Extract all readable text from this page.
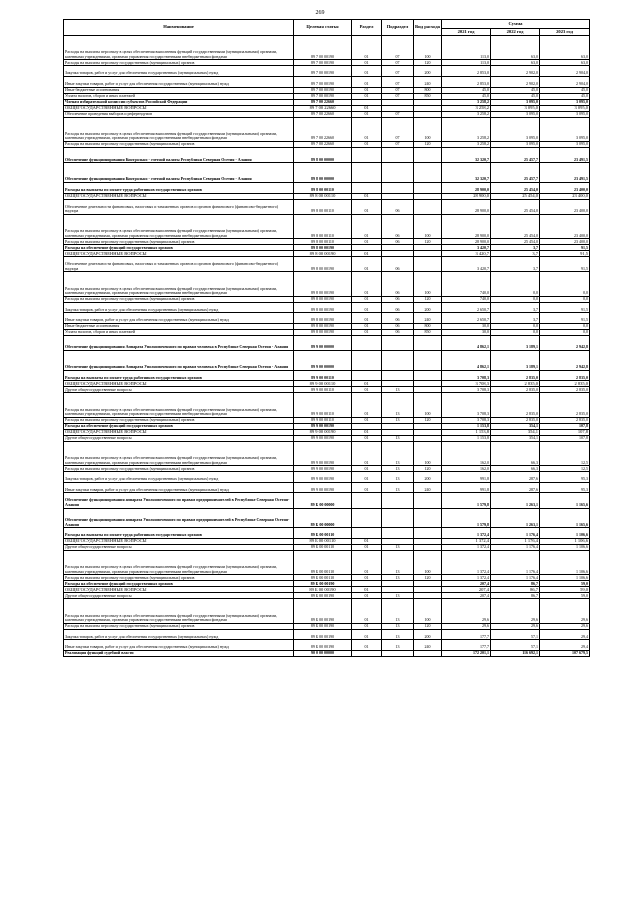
269
Наименование	Целевая статья	Раздел	Подраздел	Вид расхода	Сумма		
					2021 год	2022 год	2023 год
Расходы на выплаты персоналу в целях обеспечения выполнения функций государственными (муниципальными) органами, казенными учреждениями, органами управления государственными внебюджетными фондами	89 7 00 00190	01	07	100	113,0	63,0	63,0
Расходы на выплаты персоналу государственных (муниципальных) органов	89 7 00 00190	01	07	120	113,0	63,0	63,0
Закупка товаров, работ и услуг для обеспечения государственных (муниципальных) нужд	89 7 00 00190	01	07	200	2 853,0	2 902,0	2 904,0
Иные закупки товаров, работ и услуг для обеспечения государственных (муниципальных) нужд	89 7 00 00190	01	07	240	2 853,0	2 902,0	2 904,0
Иные бюджетные ассигнования	89 7 00 00190	01	07	800	45,0	45,0	45,0
Уплата налогов, сборов и иных платежей	89 7 00 00190	01	07	850	45,0	45,0	45,0
Членам избирательной комиссии субъектов Российской Федерации	89 7 00 22660				3 258,2	3 095,0	3 095,0
ОБЩЕГОСУДАРСТВЕННЫЕ ВОПРОСЫ	89 7 00 22660	01			3 258,2	3 095,0	3 095,0
Обеспечение проведения выборов и референдумов	89 7 00 22660	01	07		3 258,2	3 095,0	3 095,0
Расходы на выплаты персоналу в целях обеспечения выполнения функций государственными (муниципальными) органами, казенными учреждениями, органами управления государственными внебюджетными фондами	89 7 00 22660	01	07	100	3 258,2	3 095,0	3 095,0
Расходы на выплаты персоналу государственных (муниципальных) органов	89 7 00 22660	01	07	120	3 258,2	3 095,0	3 095,0
Обеспечение функционирования Контрольно - счетной палаты Республики Северная Осетия - Алания	89 8 00 00000				32 320,7	25 457,7	23 491,5
Обеспечение функционирования Контрольно - счетной палаты Республики Северная Осетия - Алания	89 8 00 00000				32 320,7	25 457,7	23 491,5
Расходы на выплаты по оплате труда работников государственных органов	89 8 00 00110				28 900,0	25 454,0	23 400,0
ОБЩЕГОСУДАРСТВЕННЫЕ ВОПРОСЫ	89 8 00 00110	01			28 900,0	25 454,0	23 400,0
Обеспечение деятельности финансовых, налоговых и таможенных органов и органов финансового (финансово-бюджетного) надзора	89 8 00 00110	01	06		28 900,0	25 454,0	23 400,0
Расходы на выплаты персоналу в целях обеспечения выполнения функций государственными (муниципальными) органами, казенными учреждениями, органами управления государственными внебюджетными фондами	89 8 00 00110	01	06	100	28 900,0	25 454,0	23 400,0
Расходы на выплаты персоналу государственных (муниципальных) органов	89 8 00 00110	01	06	120	28 900,0	25 454,0	23 400,0
Расходы на обеспечение функций государственных органов	89 8 00 00190				3 420,7	3,7	91,5
ОБЩЕГОСУДАРСТВЕННЫЕ ВОПРОСЫ	89 8 00 00190	01			3 420,7	3,7	91,5
Обеспечение деятельности финансовых, налоговых и таможенных органов и органов финансового (финансово-бюджетного) надзора	89 8 00 00190	01	06		3 420,7	3,7	91,5
Расходы на выплаты персоналу в целях обеспечения выполнения функций государственными (муниципальными) органами, казенными учреждениями, органами управления государственными внебюджетными фондами	89 8 00 00190	01	06	100	740,0	0,0	0,0
Расходы на выплаты персоналу государственных (муниципальных) органов	89 8 00 00190	01	06	120	740,0	0,0	0,0
Закупка товаров, работ и услуг для обеспечения государственных (муниципальных) нужд	89 8 00 00190	01	06	200	2 650,7	3,7	91,5
Иные закупки товаров, работ и услуг для обеспечения государственных (муниципальных) нужд	89 8 00 00190	01	06	240	2 650,7	3,7	91,5
Иные бюджетные ассигнования	89 8 00 00190	01	06	800	30,0	0,0	0,0
Уплата налогов, сборов и иных платежей	89 8 00 00190	01	06	850	30,0	0,0	0,0
Обеспечение функционирования Аппарата Уполномоченного по правам человека в Республике Северная Осетия - Алания	89 9 00 00000				4 862,1	3 189,1	2 942,8
Обеспечение функционирования Аппарата Уполномоченного по правам человека в Республике Северная Осетия - Алания	89 9 00 00000				4 862,1	3 189,1	2 942,8
Расходы на выплаты по оплате труда работников государственных органов	89 9 00 00110				3 708,3	2 835,0	2 835,0
ОБЩЕГОСУДАРСТВЕННЫЕ ВОПРОСЫ	89 9 00 00110	01			3 708,3	2 835,0	2 835,0
Другие общегосударственные вопросы	89 9 00 00110	01	13		3 708,3	2 835,0	2 835,0
Расходы на выплаты персоналу в целях обеспечения выполнения функций государственными (муниципальными) органами, казенными учреждениями, органами управления государственными внебюджетными фондами	89 9 00 00110	01	13	100	3 708,3	2 835,0	2 835,0
Расходы на выплаты персоналу государственных (муниципальных) органов	89 9 00 00110	01	13	120	3 708,3	2 835,0	2 835,0
Расходы на обеспечение функций государственных органов	89 9 00 00190				1 153,8	354,1	107,8
ОБЩЕГОСУДАРСТВЕННЫЕ ВОПРОСЫ	89 9 00 00190	01			1 153,8	354,1	107,8
Другие общегосударственные вопросы	89 9 00 00190	01	13		1 153,8	354,1	107,8
Расходы на выплаты персоналу в целях обеспечения выполнения функций государственными (муниципальными) органами, казенными учреждениями, органами управления государственными внебюджетными фондами	89 9 00 00190	01	13	100	162,0	66,3	12,5
Расходы на выплаты персоналу государственных (муниципальных) органов	89 9 00 00190	01	13	120	162,0	66,3	12,5
Закупка товаров, работ и услуг для обеспечения государственных (муниципальных) нужд	89 9 00 00190	01	13	200	991,8	287,6	95,3
Иные закупки товаров, работ и услуг для обеспечения государственных (муниципальных) нужд	89 9 00 00190	01	13	240	991,8	287,6	95,3
Обеспечение функционирования аппарата Уполномоченного по правам предпринимателей в Республике Северная Осетия-Алания	89 Б 00 00000				1 579,8	1 263,1	1 165,6
Обеспечение функционирования аппарата Уполномоченного по правам предпринимателей в Республике Северная Осетия-Алания	89 Б 00 00000				1 579,8	1 263,1	1 165,6
Расходы на выплаты по оплате труда работников государственных органов	89 Б 00 00110				1 372,4	1 176,4	1 106,6
ОБЩЕГОСУДАРСТВЕННЫЕ ВОПРОСЫ	89 Б 00 00110	01			1 372,4	1 176,4	1 106,6
Другие общегосударственные вопросы	89 Б 00 00110	01	13		1 372,4	1 176,4	1 106,6
Расходы на выплаты персоналу в целях обеспечения выполнения функций государственными (муниципальными) органами, казенными учреждениями, органами управления государственными внебюджетными фондами	89 Б 00 00110	01	13	100	1 372,4	1 176,4	1 106,6
Расходы на выплаты персоналу государственных (муниципальных) органов	89 Б 00 00110	01	13	120	1 372,4	1 176,4	1 106,6
Расходы на обеспечение функций государственных органов	89 Б 00 00190				207,4	86,7	59,0
ОБЩЕГОСУДАРСТВЕННЫЕ ВОПРОСЫ	89 Б 00 00190	01			207,4	86,7	59,0
Другие общегосударственные вопросы	89 Б 00 00190	01	13		207,4	86,7	59,0
Расходы на выплаты персоналу в целях обеспечения выполнения функций государственными (муниципальными) органами, казенными учреждениями, органами управления государственными внебюджетными фондами	89 Б 00 00190	01	13	100	29,6	29,6	29,6
Расходы на выплаты персоналу государственных (муниципальных) органов	89 Б 00 00190	01	13	120	29,6	29,6	29,6
Закупка товаров, работ и услуг для обеспечения государственных (муниципальных) нужд	89 Б 00 00190	01	13	200	177,7	57,1	29,4
Иные закупки товаров, работ и услуг для обеспечения государственных (муниципальных) нужд	89 Б 00 00190	01	13	240	177,7	57,1	29,4
Реализация функций судебной власти	90 0 00 00000				172 201,1	116 692,1	107 679,5
